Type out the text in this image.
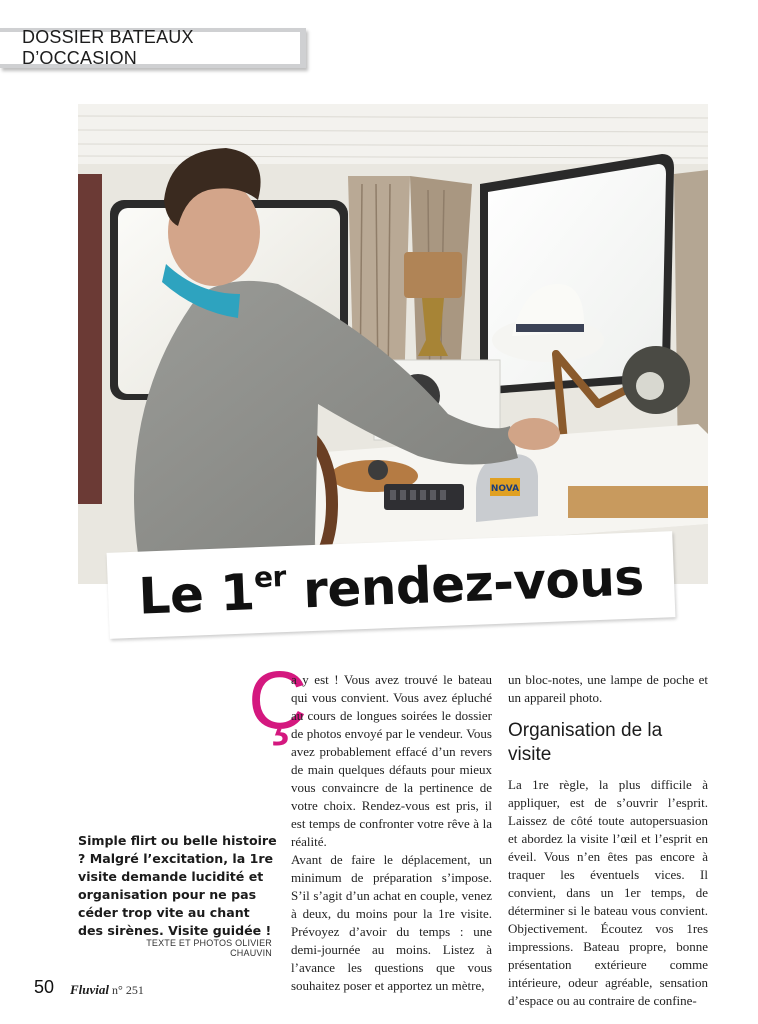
DOSSIER BATEAUX D’OCCASION
NOVA
Le 1er rendez-vous
Ç

a y est ! Vous avez trouvé le bateau qui vous convient. Vous avez épluché au cours de longues soirées le dossier de photos envoyé par le vendeur. Vous avez probablement effacé d’un revers de main quelques défauts pour mieux vous convaincre de la pertinence de votre choix. Rendez-vous est pris, il est temps de confronter votre rêve à la réalité.

Avant de faire le déplacement, un minimum de préparation s’impose. S’il s’agit d’un achat en couple, venez à deux, du moins pour la 1re visite. Prévoyez d’avoir du temps : une demi-journée au moins. Listez à l’avance les questions que vous souhaitez poser et apportez un mètre,

un bloc-notes, une lampe de poche et un appareil photo.

Organisation de la visite

La 1re règle, la plus difficile à appliquer, est de s’ouvrir l’esprit. Laissez de côté toute autopersuasion et abordez la visite l’œil et l’esprit en éveil. Vous n’en êtes pas encore à traquer les éventuels vices. Il convient, dans un 1er temps, de déterminer si le bateau vous convient. Objectivement. Écoutez vos 1res impressions. Bateau propre, bonne présentation extérieure comme intérieure, odeur agréable, sensation d’espace ou au contraire de confine-

Simple flirt ou belle histoire ? Malgré l’excitation, la 1re visite demande lucidité et organisation pour ne pas céder trop vite au chant des sirènes. Visite guidée !
TEXTE ET PHOTOS OLIVIER CHAUVIN
50 Fluvial n° 251
